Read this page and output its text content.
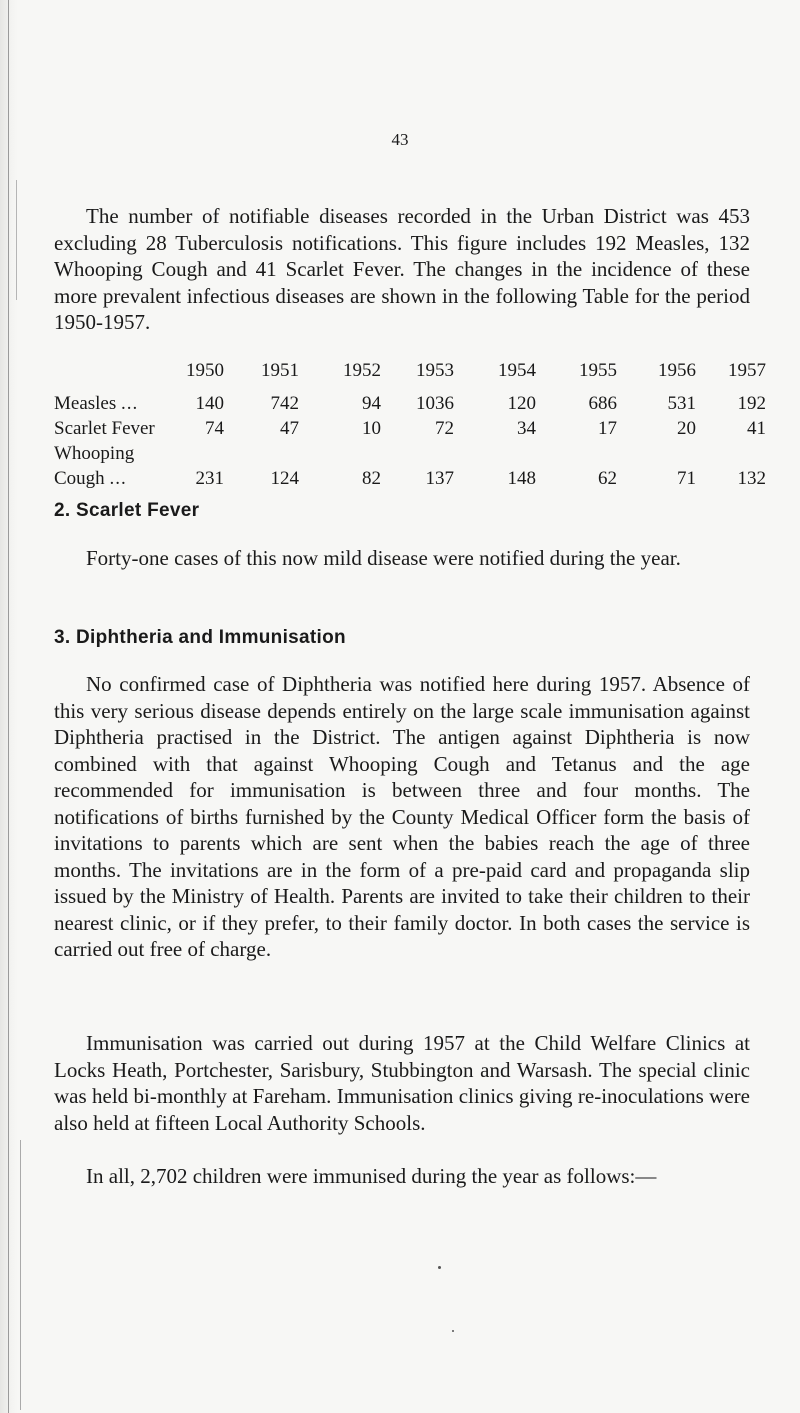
43

The number of notifiable diseases recorded in the Urban District was 453 excluding 28 Tuberculosis notifications. This figure includes 192 Measles, 132 Whooping Cough and 41 Scarlet Fever. The changes in the incidence of these more prevalent infectious diseases are shown in the following Table for the period 1950-1957.

1950	1951	1952	1953	1954	1955	1956	1957
Measles ...	140	742	94	1036	120	686	531	192
Scarlet Fever	74	47	10	72	34	17	20	41
Whooping
Cough ...	231	124	82	137	148	62	71	132
2. Scarlet Fever

Forty-one cases of this now mild disease were notified during the year.

3. Diphtheria and Immunisation

No confirmed case of Diphtheria was notified here during 1957. Absence of this very serious disease depends entirely on the large scale immunisation against Diphtheria practised in the District. The antigen against Diphtheria is now combined with that against Whooping Cough and Tetanus and the age recommended for immunisation is between three and four months. The notifications of births furnished by the County Medical Officer form the basis of invitations to parents which are sent when the babies reach the age of three months. The invitations are in the form of a pre-paid card and propaganda slip issued by the Ministry of Health. Parents are invited to take their children to their nearest clinic, or if they prefer, to their family doctor. In both cases the service is carried out free of charge.

Immunisation was carried out during 1957 at the Child Welfare Clinics at Locks Heath, Portchester, Sarisbury, Stubbington and Warsash. The special clinic was held bi-monthly at Fareham. Immunisation clinics giving re-inoculations were also held at fifteen Local Authority Schools.

In all, 2,702 children were immunised during the year as follows:—
